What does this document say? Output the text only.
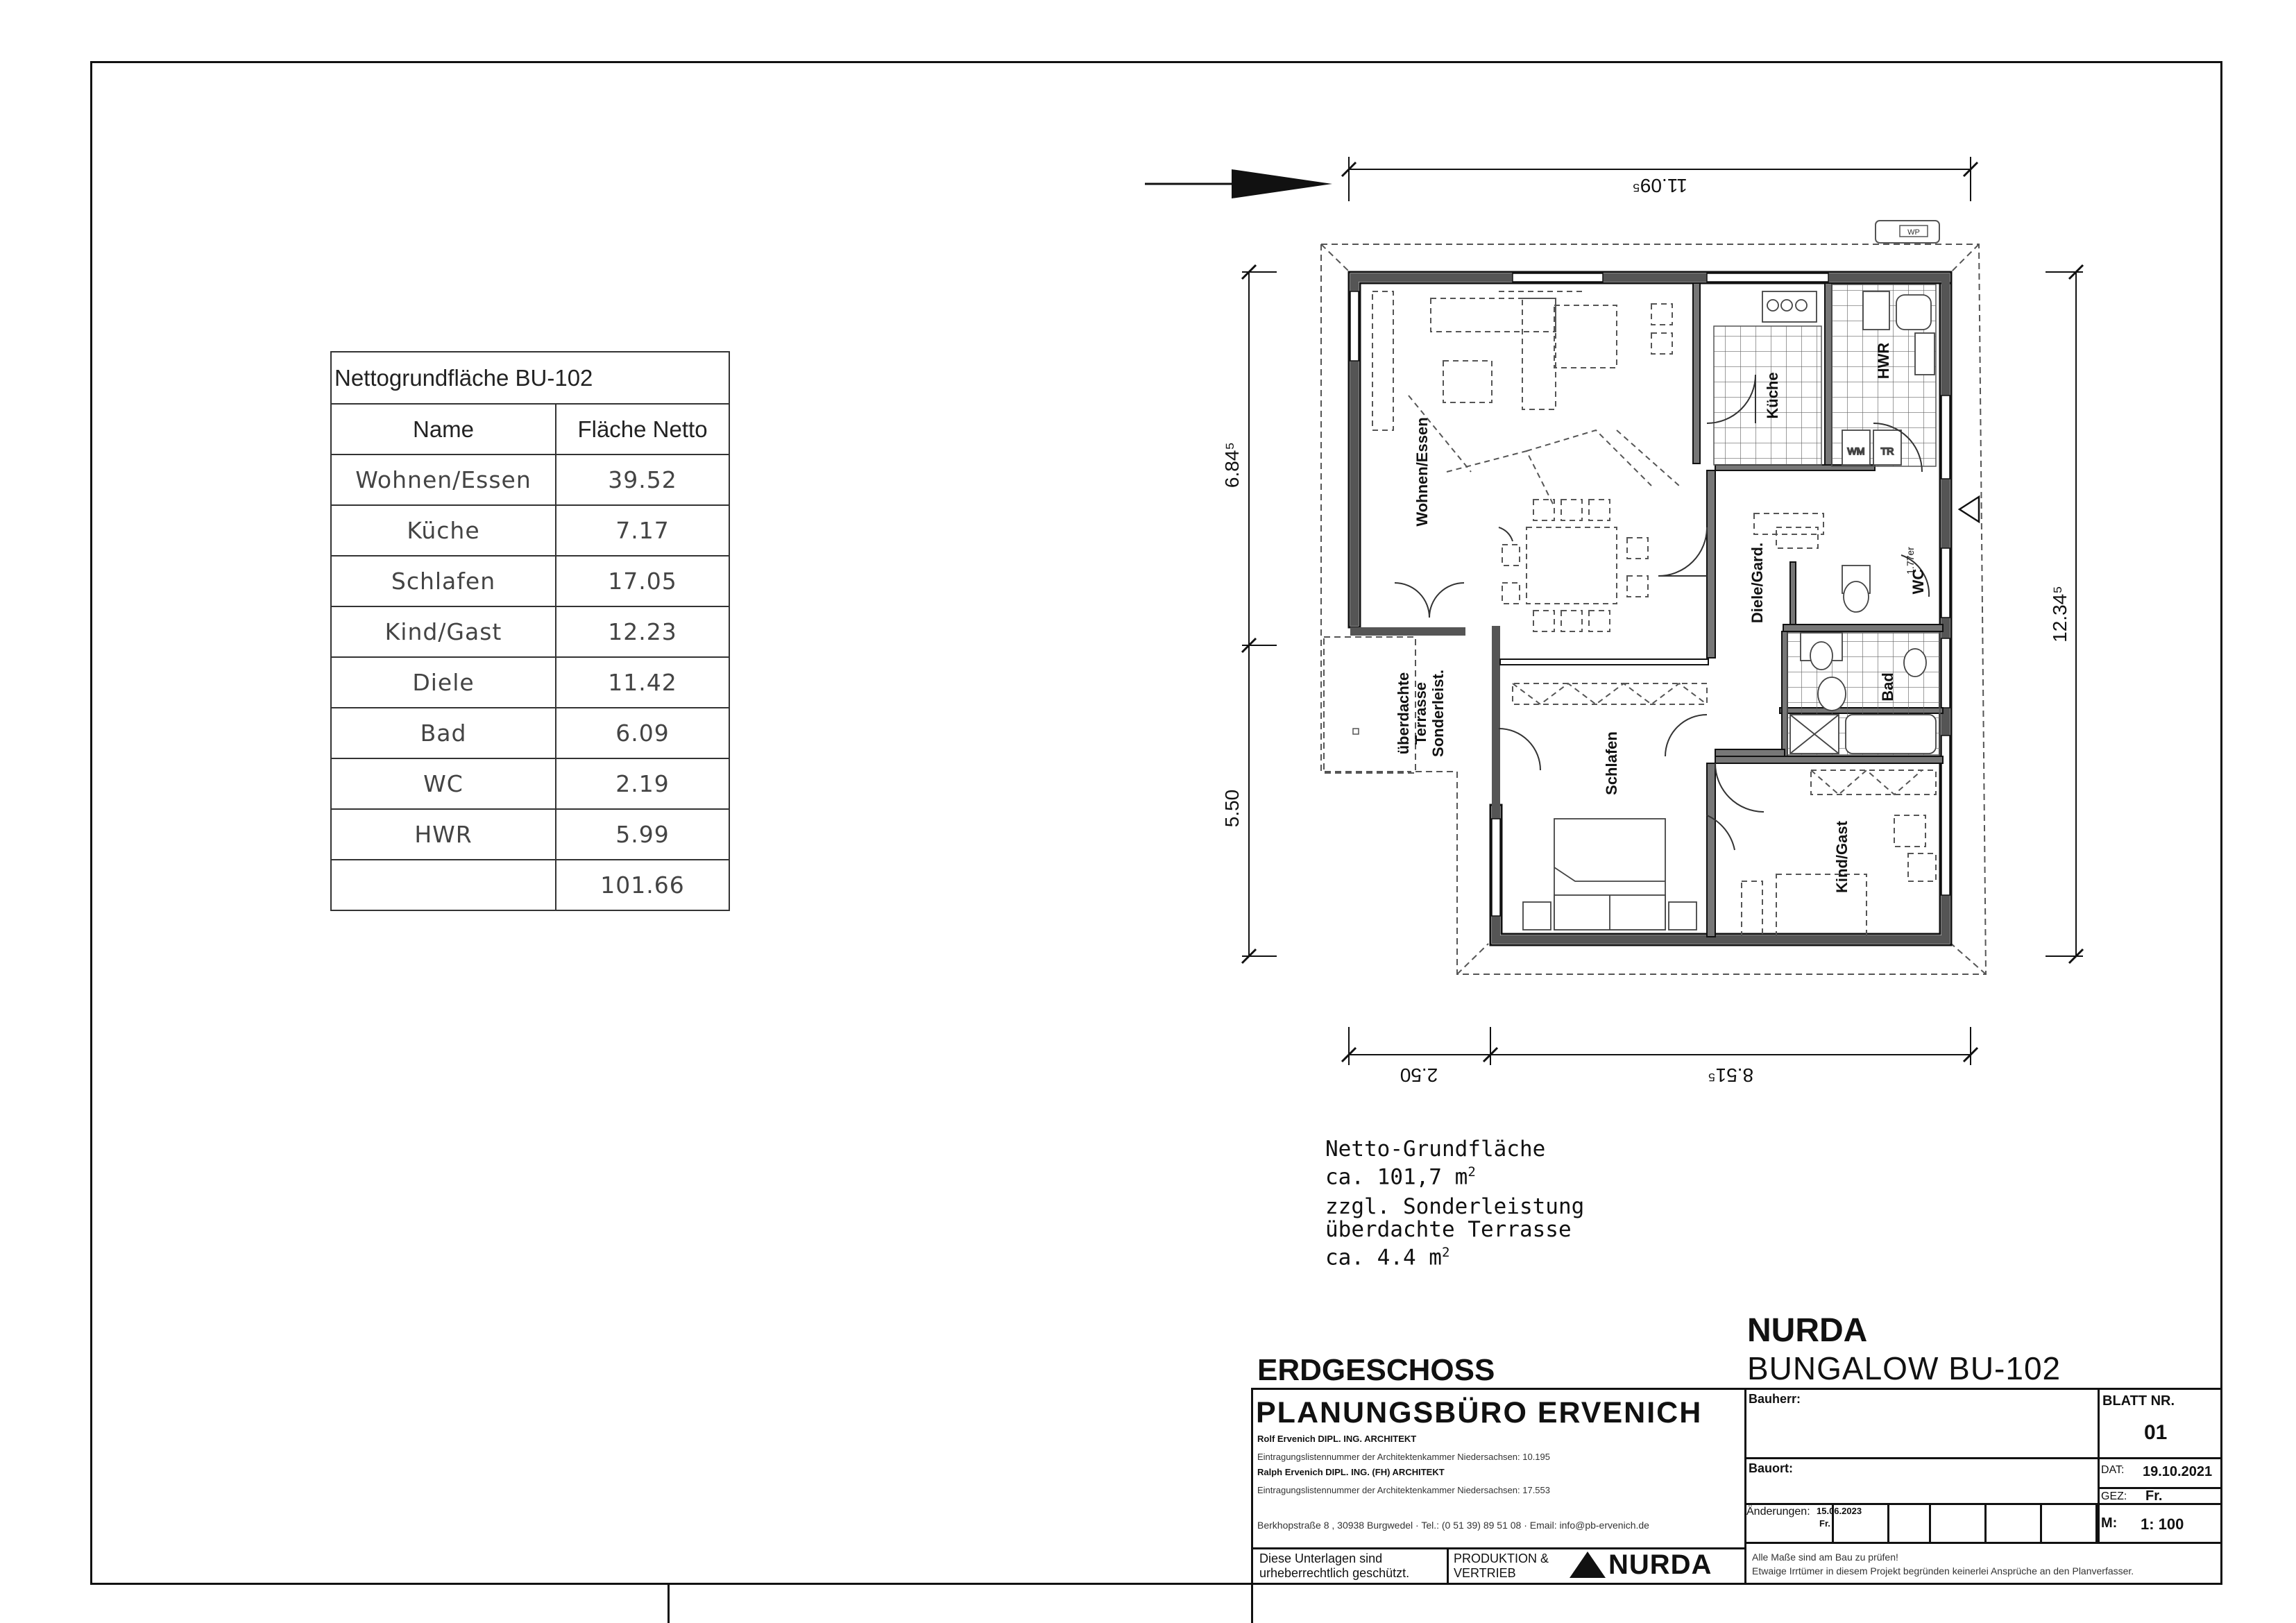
Nettogrundfläche BU-102	
Name	Fläche Netto
Wohnen/Essen	39.52
Küche	7.17
Schlafen	17.05
Kind/Gast	12.23
Diele	11.42
Bad	6.09
WC	2.19
HWR	5.99
	101.66
WP
WM TR
11.09⁵
6.84⁵
5.50
12.34⁵
2.50	8.51⁵
Wohnen/Essen
Küche
HWR
Diele/Gard.	WC
Bad
Schlafen
Kind/Gast
überdachte Terrasse Sonderleist.
1.77er
Netto-Grundfläche
ca. 101,7 $m^2$
zzgl. Sonderleistung
überdachte Terrasse
ca. 4.4 $m^2$
NURDA
BUNGALOW BU-102
ERDGESCHOSS
PLANUNGSBÜRO ERVENICH
Rolf Ervenich DIPL. ING. ARCHITEKT
Eintragungslistennummer der Architektenkammer Niedersachsen: 10.195
Ralph Ervenich DIPL. ING. (FH) ARCHITEKT
Eintragungslistennummer der Architektenkammer Niedersachsen: 17.553
Berkhopstraße 8 , 30938 Burgwedel · Tel.: (0 51 39) 89 51 08 · Email: info@pb-ervenich.de
Bauherr:
Bauort:
Änderungen: 15.06.2023
Fr.
BLATT NR.
01
DAT: 19.10.2021
GEZ: Fr.
M: 1: 100
Diese Unterlagen sind
urheberrechtlich geschützt.
PRODUKTION &
VERTRIEB	NURDA	Alle Maße sind am Bau zu prüfen!
Etwaige Irrtümer in diesem Projekt begründen keinerlei Ansprüche an den Planverfasser.
